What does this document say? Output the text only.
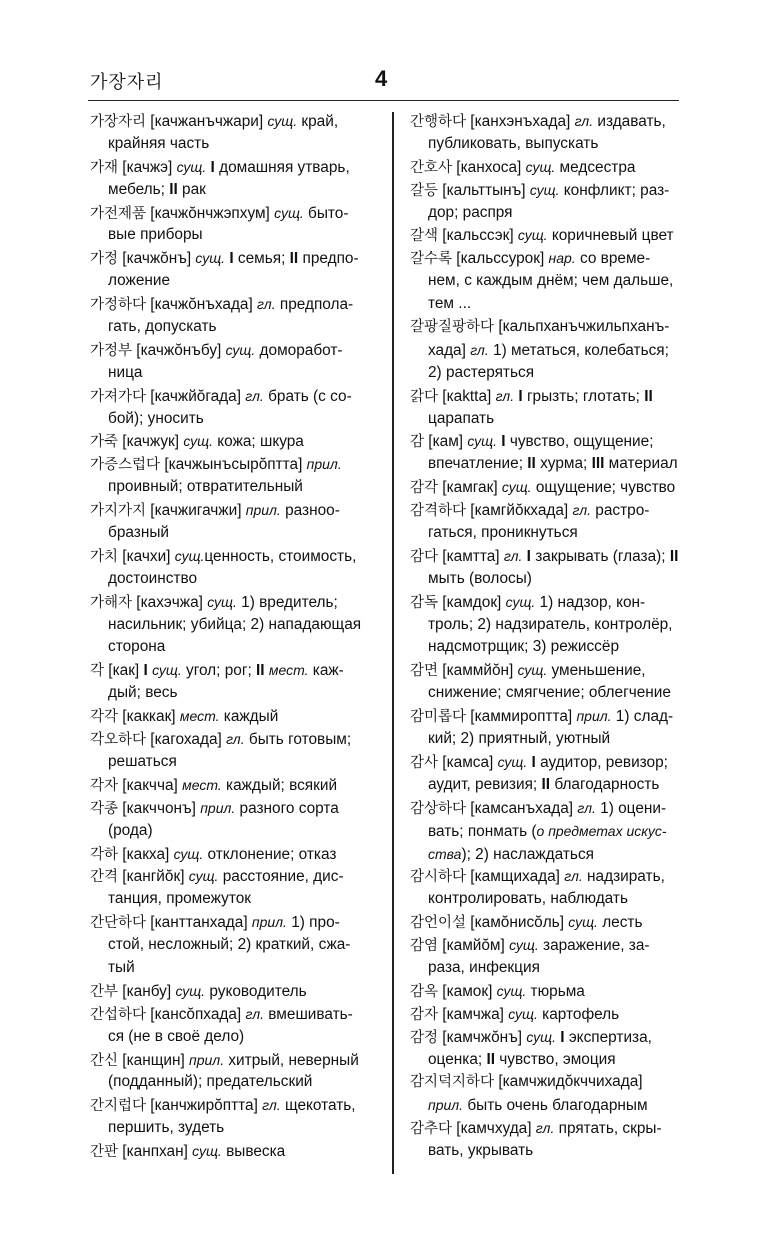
가장자리	4
가장자리 [качжанъчжари] сущ. край,
крайняя часть
가재 [качжэ] сущ. I домашняя утварь,
мебель; II рак
가전제품 [качжŏнчжэпхум] сущ. быто-
вые приборы
가정 [качжŏнъ] сущ. I семья; II предпо-
ложение
가정하다 [качжŏнъхада] гл. предпола-
гать, допускать
가정부 [качжŏнъбу] сущ. доморабот-
ница
가져가다 [качжйŏгада] гл. брать (с со-
бой); уносить
가죽 [качжук] сущ. кожа; шкура
가증스럽다 [качжынъсырŏптта] прил.
проивный; отвратительный
가지가지 [качжигачжи] прил. разноо-
бразный
가치 [качхи] сущ.ценность, стоимость,
достоинство
가해자 [кахэчжа] сущ. 1) вредитель;
насильник; убийца; 2) нападающая
сторона
각 [как] I сущ. угол; рог; II мест. каж-
дый; весь
각각 [каккак] мест. каждый
각오하다 [кагохада] гл. быть готовым;
решаться
각자 [какчча] мест. каждый; всякий
각종 [какччонъ] прил. разного сорта
(рода)
각하 [какха] сущ. отклонение; отказ
간격 [кангйŏк] сущ. расстояние, дис-
танция, промежуток
간단하다 [канттанхада] прил. 1) про-
стой, несложный; 2) краткий, сжа-
тый
간부 [канбу] сущ. руководитель
간섭하다 [кансŏпхада] гл. вмешивать-
ся (не в своё дело)
간신 [канщин] прил. хитрый, неверный
(подданный); предательский
간지럽다 [канчжирŏптта] гл. щекотать,
першить, зудеть
간판 [канпхан] сущ. вывеска
간행하다 [канхэнъхада] гл. издавать,
публиковать, выпускать
간호사 [канхоса] сущ. медсестра
갈등 [кальттынъ] сущ. конфликт; раз-
дор; распря
갈색 [кальссэк] сущ. коричневый цвет
갈수록 [кальссурок] нар. со време-
нем, с каждым днём; чем дальше,
тем ...
갈팡질팡하다 [кальпханъчжильпханъ-
хада] гл. 1) метаться, колебаться;
2) растеряться
갉다 [каktta] гл. I грызть; глотать; II
царапать
감 [кам] сущ. I чувство, ощущение;
впечатление; II хурма; III материал
감각 [камгак] сущ. ощущение; чувство
감격하다 [камгйŏкхада] гл. растро-
гаться, проникнуться
감다 [камтта] гл. I закрывать (глаза); II
мыть (волосы)
감독 [камдок] сущ. 1) надзор, кон-
троль; 2) надзиратель, контролёр,
надсмотрщик; 3) режиссёр
감면 [каммйŏн] сущ. уменьшение,
снижение; смягчение; облегчение
감미롭다 [каммироптта] прил. 1) слад-
кий; 2) приятный, уютный
감사 [камса] сущ. I аудитор, ревизор;
аудит, ревизия; II благодарность
감상하다 [камсанъхада] гл. 1) оцени-
вать; понмать (о предметах искус-
ства); 2) наслаждаться
감시하다 [камщихада] гл. надзирать,
контролировать, наблюдать
감언이설 [камŏнисŏль] сущ. лесть
감염 [камйŏм] сущ. заражение, за-
раза, инфекция
감옥 [камок] сущ. тюрьма
감자 [камчжа] сущ. картофель
감정 [камчжŏнъ] сущ. I экспертиза,
оценка; II чувство, эмоция
감지덕지하다 [камчжидŏкччихада]
прил. быть очень благодарным
감추다 [камчхуда] гл. прятать, скры-
вать, укрывать
